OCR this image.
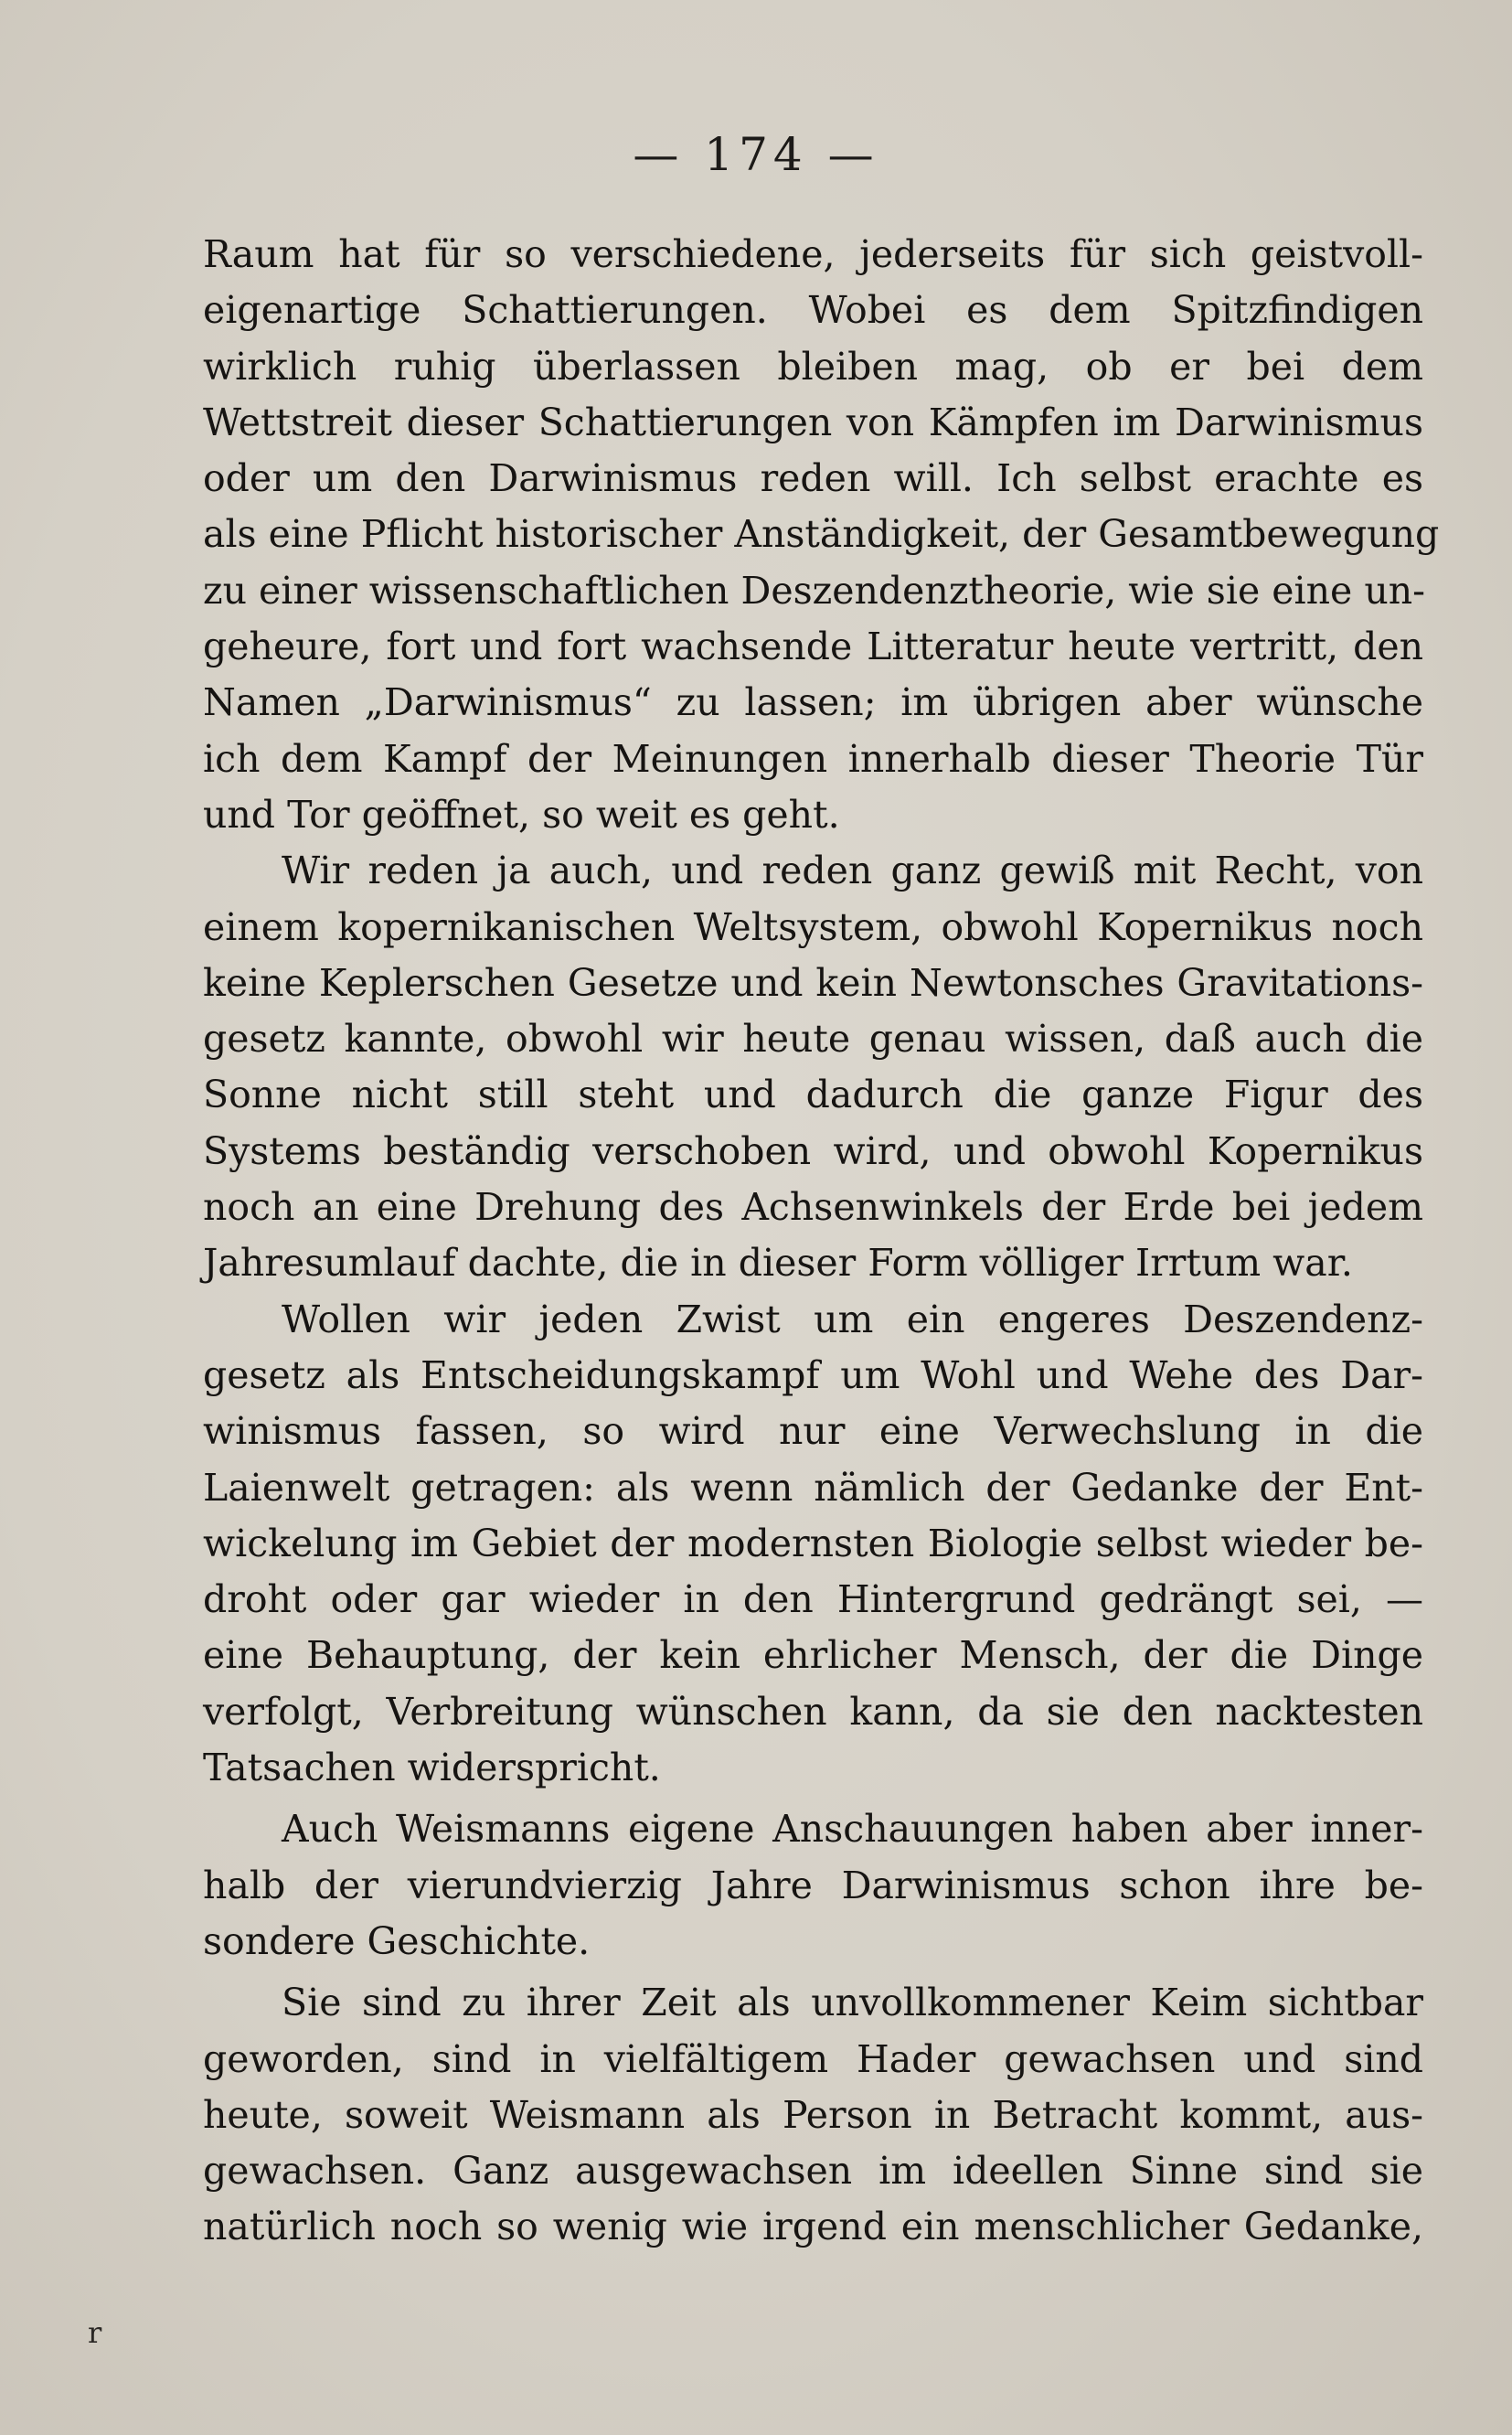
— 174 —
Raum hat für so verschiedene, jederseits für sich geistvoll-
eigenartige Schattierungen. Wobei es dem Spitzfindigen
wirklich ruhig überlassen bleiben mag, ob er bei dem
Wettstreit dieser Schattierungen von Kämpfen im Darwinismus
oder um den Darwinismus reden will. Ich selbst erachte es
als eine Pflicht historischer Anständigkeit, der Gesamtbewegung
zu einer wissenschaftlichen Deszendenztheorie, wie sie eine un-
geheure, fort und fort wachsende Litteratur heute vertritt, den
Namen „Darwinismus“ zu lassen; im übrigen aber wünsche
ich dem Kampf der Meinungen innerhalb dieser Theorie Tür
und Tor geöffnet, so weit es geht.
Wir reden ja auch, und reden ganz gewiß mit Recht, von
einem kopernikanischen Weltsystem, obwohl Kopernikus noch
keine Keplerschen Gesetze und kein Newtonsches Gravitations-
gesetz kannte, obwohl wir heute genau wissen, daß auch die
Sonne nicht still steht und dadurch die ganze Figur des
Systems beständig verschoben wird, und obwohl Kopernikus
noch an eine Drehung des Achsenwinkels der Erde bei jedem
Jahresumlauf dachte, die in dieser Form völliger Irrtum war.
Wollen wir jeden Zwist um ein engeres Deszendenz-
gesetz als Entscheidungskampf um Wohl und Wehe des Dar-
winismus fassen, so wird nur eine Verwechslung in die
Laienwelt getragen: als wenn nämlich der Gedanke der Ent-
wickelung im Gebiet der modernsten Biologie selbst wieder be-
droht oder gar wieder in den Hintergrund gedrängt sei, —
eine Behauptung, der kein ehrlicher Mensch, der die Dinge
verfolgt, Verbreitung wünschen kann, da sie den nacktesten
Tatsachen widerspricht.
Auch Weismanns eigene Anschauungen haben aber inner-
halb der vierundvierzig Jahre Darwinismus schon ihre be-
sondere Geschichte.
Sie sind zu ihrer Zeit als unvollkommener Keim sichtbar
geworden, sind in vielfältigem Hader gewachsen und sind
heute, soweit Weismann als Person in Betracht kommt, aus-
gewachsen. Ganz ausgewachsen im ideellen Sinne sind sie
natürlich noch so wenig wie irgend ein menschlicher Gedanke,
r
